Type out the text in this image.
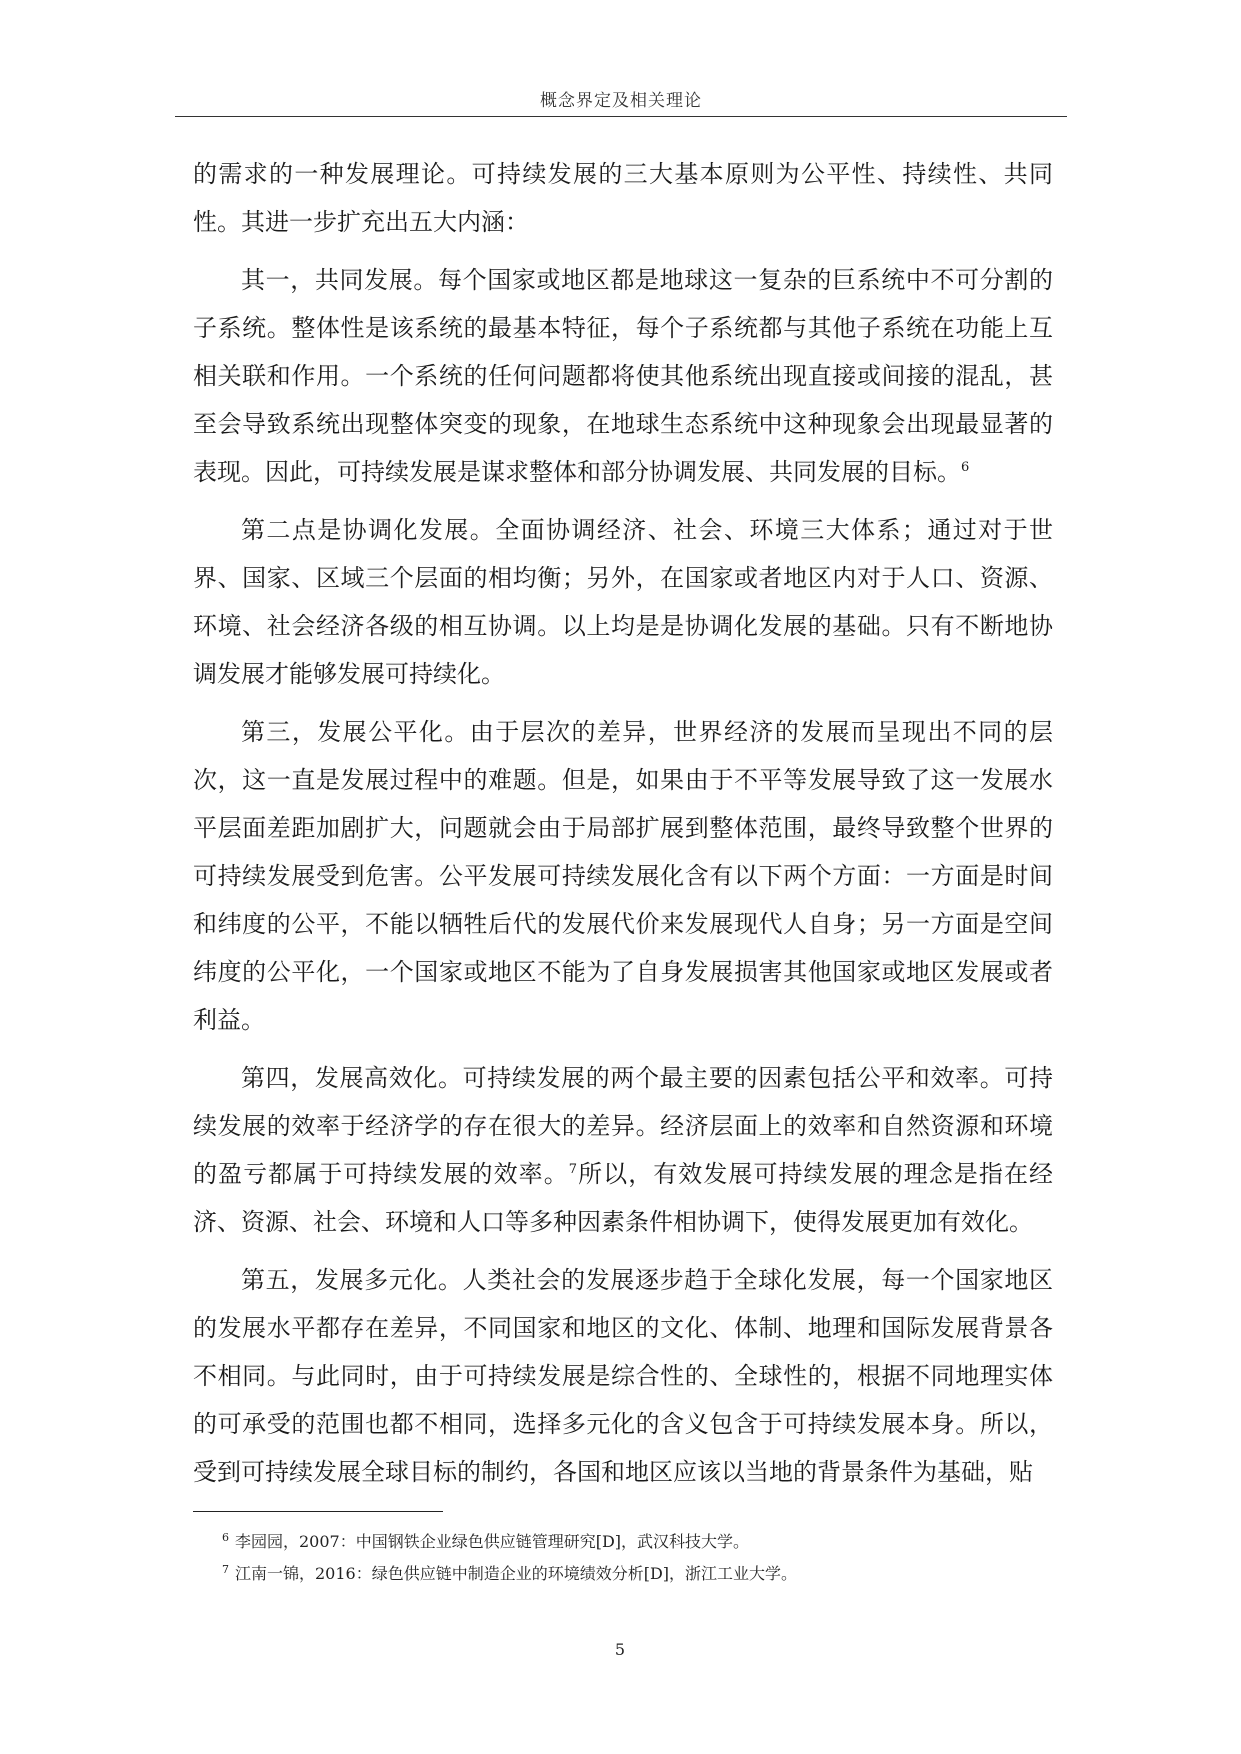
概念界定及相关理论

的需求的一种发展理论。可持续发展的三大基本原则为公平性、持续性、共同性。其进一步扩充出五大内涵：

其一，共同发展。每个国家或地区都是地球这一复杂的巨系统中不可分割的子系统。整体性是该系统的最基本特征，每个子系统都与其他子系统在功能上互相关联和作用。一个系统的任何问题都将使其他系统出现直接或间接的混乱，甚至会导致系统出现整体突变的现象，在地球生态系统中这种现象会出现最显著的表现。因此，可持续发展是谋求整体和部分协调发展、共同发展的目标。$^6$

第二点是协调化发展。全面协调经济、社会、环境三大体系；通过对于世界、国家、区域三个层面的相均衡；另外，在国家或者地区内对于人口、资源、环境、社会经济各级的相互协调。以上均是是协调化发展的基础。只有不断地协调发展才能够发展可持续化。

第三，发展公平化。由于层次的差异，世界经济的发展而呈现出不同的层次，这一直是发展过程中的难题。但是，如果由于不平等发展导致了这一发展水平层面差距加剧扩大，问题就会由于局部扩展到整体范围，最终导致整个世界的可持续发展受到危害。公平发展可持续发展化含有以下两个方面：一方面是时间和纬度的公平，不能以牺牲后代的发展代价来发展现代人自身；另一方面是空间纬度的公平化，一个国家或地区不能为了自身发展损害其他国家或地区发展或者利益。

第四，发展高效化。可持续发展的两个最主要的因素包括公平和效率。可持续发展的效率于经济学的存在很大的差异。经济层面上的效率和自然资源和环境的盈亏都属于可持续发展的效率。$^7$所以，有效发展可持续发展的理念是指在经济、资源、社会、环境和人口等多种因素条件相协调下，使得发展更加有效化。

第五，发展多元化。人类社会的发展逐步趋于全球化发展，每一个国家地区的发展水平都存在差异，不同国家和地区的文化、体制、地理和国际发展背景各不相同。与此同时，由于可持续发展是综合性的、全球性的，根据不同地理实体的可承受的范围也都不相同，选择多元化的含义包含于可持续发展本身。所以，受到可持续发展全球目标的制约，各国和地区应该以当地的背景条件为基础，贴

$^6$ 李园园，2007：中国钢铁企业绿色供应链管理研究[D]，武汉科技大学。
$^7$ 江南一锦，2016：绿色供应链中制造企业的环境绩效分析[D]，浙江工业大学。
5
